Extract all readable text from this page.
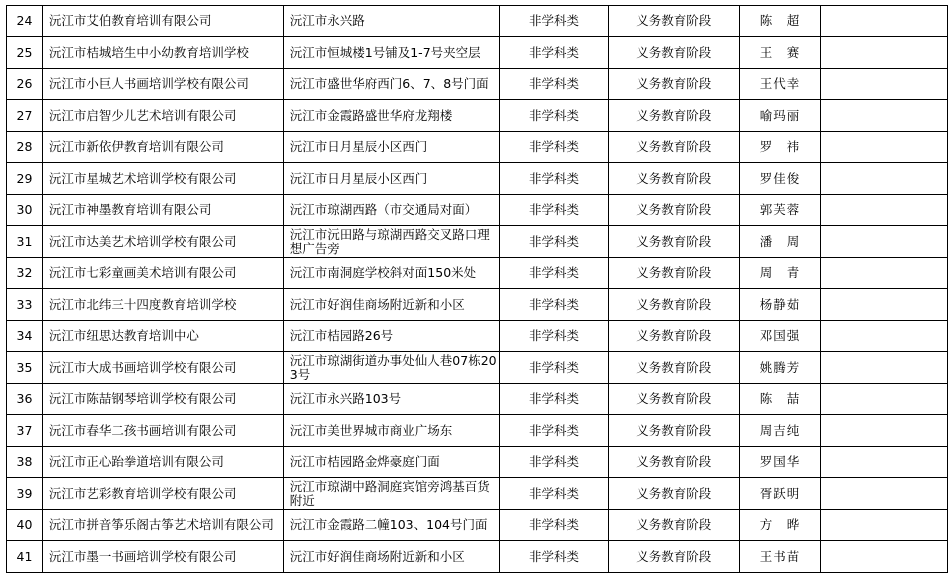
24	沅江市艾伯教育培训有限公司	沅江市永兴路	非学科类	义务教育阶段	陈　超	
25	沅江市桔城培生中小幼教育培训学校	沅江市恒城楼1号铺及1-7号夹空层	非学科类	义务教育阶段	王　赛	
26	沅江市小巨人书画培训学校有限公司	沅江市盛世华府西门6、7、8号门面	非学科类	义务教育阶段	王代幸	
27	沅江市启智少儿艺术培训有限公司	沅江市金霞路盛世华府龙翔楼	非学科类	义务教育阶段	喻玛丽	
28	沅江市新依伊教育培训有限公司	沅江市日月星辰小区西门	非学科类	义务教育阶段	罗　祎	
29	沅江市星城艺术培训学校有限公司	沅江市日月星辰小区西门	非学科类	义务教育阶段	罗佳俊	
30	沅江市神墨教育培训有限公司	沅江市琼湖西路（市交通局对面）	非学科类	义务教育阶段	郭芙蓉	
31	沅江市达美艺术培训学校有限公司	沅江市沅田路与琼湖西路交叉路口理想广告旁	非学科类	义务教育阶段	潘　周	
32	沅江市七彩童画美术培训有限公司	沅江市南洞庭学校斜对面150米处	非学科类	义务教育阶段	周　青	
33	沅江市北纬三十四度教育培训学校	沅江市好润佳商场附近新和小区	非学科类	义务教育阶段	杨静茹	
34	沅江市纽思达教育培训中心	沅江市桔园路26号	非学科类	义务教育阶段	邓国强	
35	沅江市大成书画培训学校有限公司	沅江市琼湖街道办事处仙人巷07栋203号	非学科类	义务教育阶段	姚腾芳	
36	沅江市陈喆钢琴培训学校有限公司	沅江市永兴路103号	非学科类	义务教育阶段	陈　喆	
37	沅江市春华二孩书画培训有限公司	沅江市美世界城市商业广场东	非学科类	义务教育阶段	周吉纯	
38	沅江市正心跆拳道培训有限公司	沅江市桔园路金烨豪庭门面	非学科类	义务教育阶段	罗国华	
39	沅江市艺彩教育培训学校有限公司	沅江市琼湖中路洞庭宾馆旁鸿基百货附近	非学科类	义务教育阶段	胥跃明	
40	沅江市拼音筝乐阁古筝艺术培训有限公司	沅江市金霞路二幢103、104号门面	非学科类	义务教育阶段	方　晔	
41	沅江市墨一书画培训学校有限公司	沅江市好润佳商场附近新和小区	非学科类	义务教育阶段	王书苗	
